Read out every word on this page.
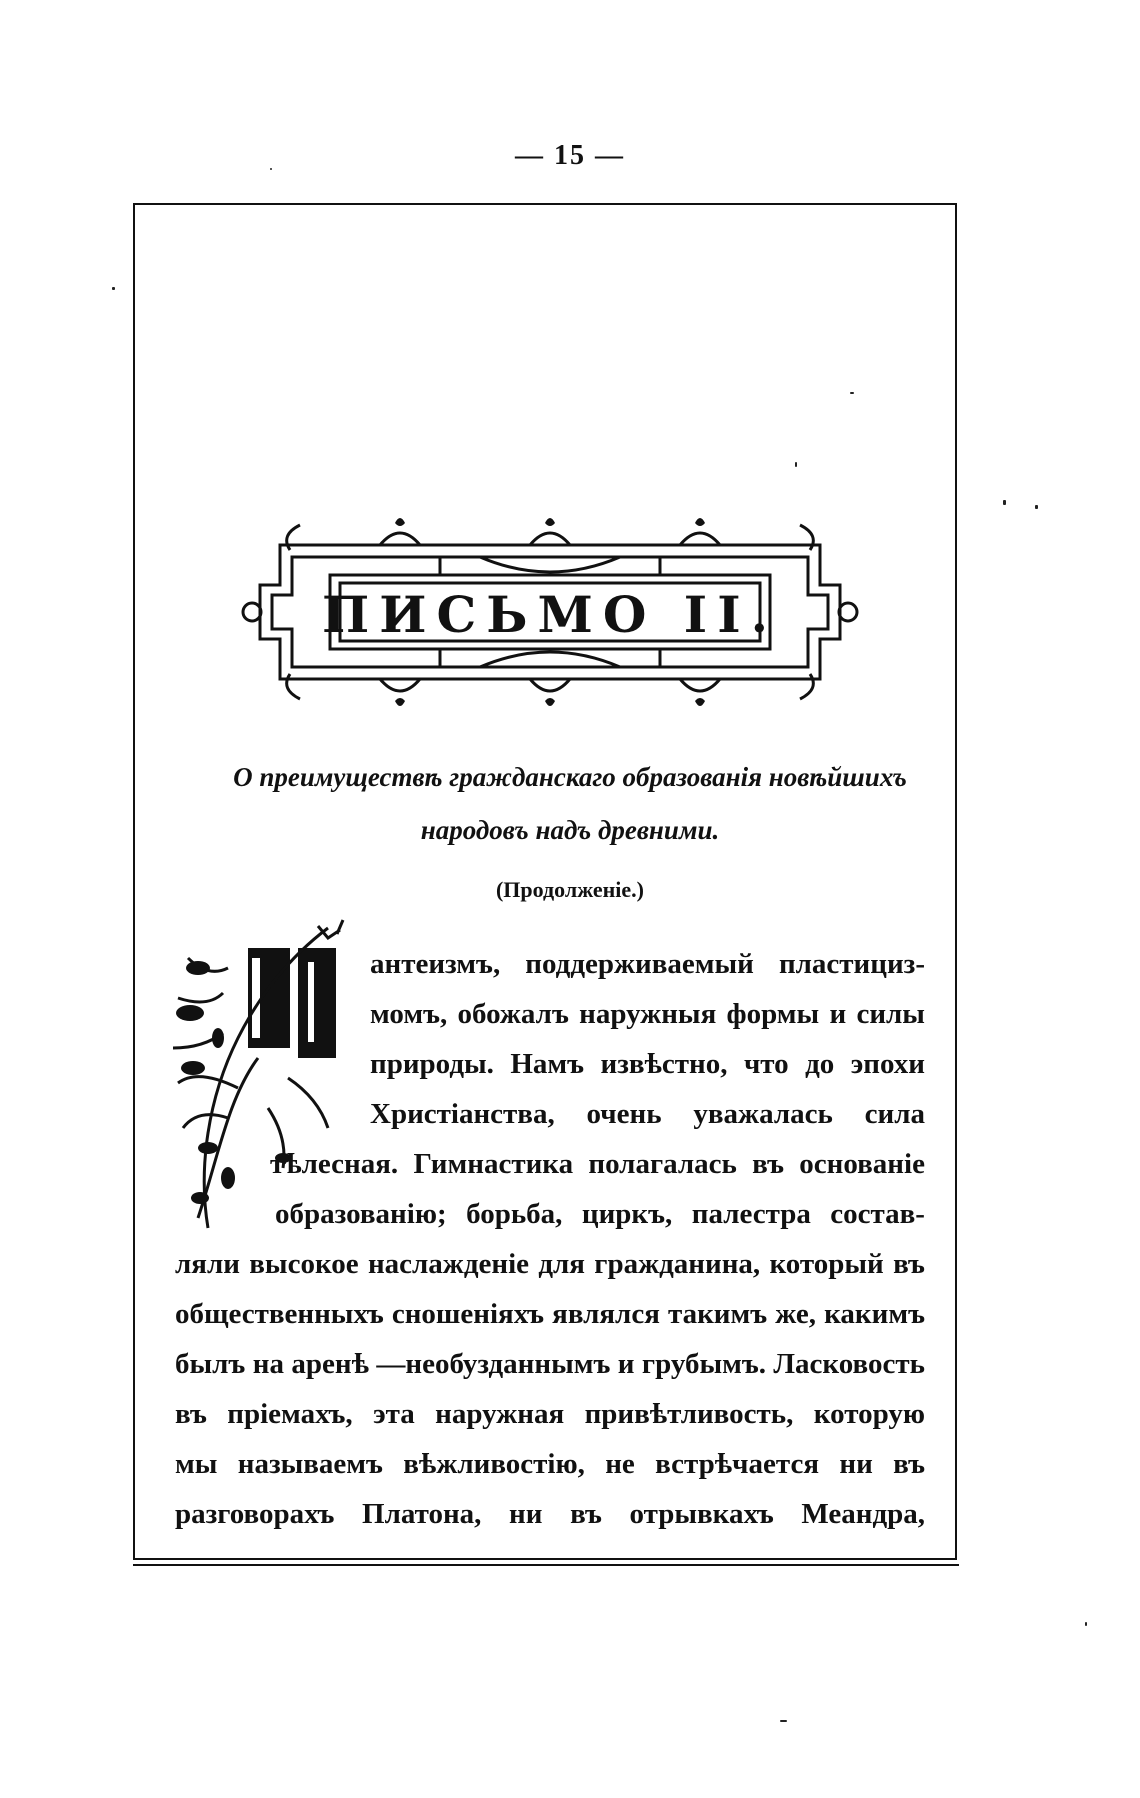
— 15 —
ПИСЬМО II.
О преимуществѣ гражданскаго образованія новѣйшихъ
народовъ надъ древними.
(Продолженіе.)
антеизмъ, поддерживаемый пластициз-
момъ, обожалъ наружныя формы и силы
природы. Намъ извѣстно, что до эпохи
Христіанства, очень уважалась сила
тѣлесная. Гимнастика полагалась въ основаніе
образованію; борьба, циркъ, палестра состав-
ляли высокое наслажденіе для гражданина, который въ
общественныхъ сношеніяхъ являлся такимъ же, какимъ
былъ на аренѣ —необузданнымъ и грубымъ. Ласковость
въ пріемахъ, эта наружная привѣтливость, которую
мы называемъ вѣжливостію, не встрѣчается ни въ
разговорахъ Платона, ни въ отрывкахъ Меандра,
